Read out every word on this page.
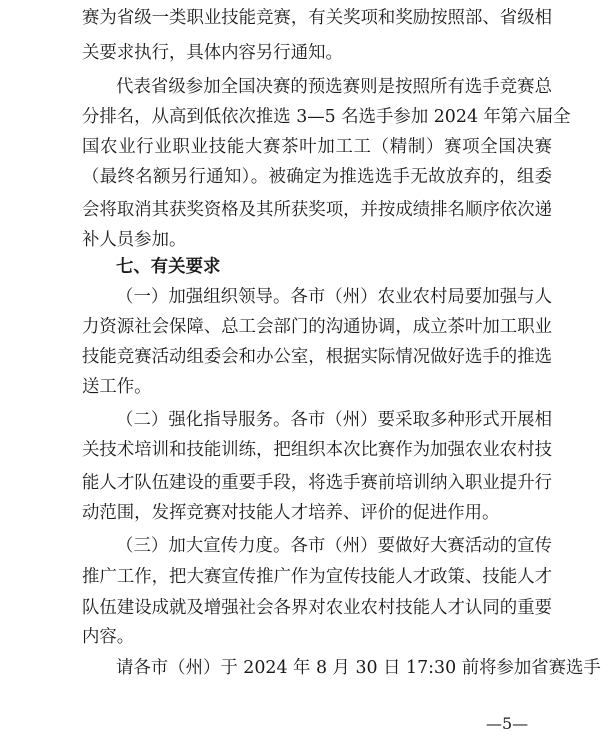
赛为省级一类职业技能竞赛，有关奖项和奖励按照部、省级相
关要求执行，具体内容另行通知。
代表省级参加全国决赛的预选赛则是按照所有选手竞赛总
分排名，从高到低依次推选 3—5 名选手参加 2024 年第六届全
国农业行业职业技能大赛茶叶加工工（精制）赛项全国决赛
（最终名额另行通知）。被确定为推选选手无故放弃的，组委
会将取消其获奖资格及其所获奖项，并按成绩排名顺序依次递
补人员参加。
七、有关要求
（一）加强组织领导。各市（州）农业农村局要加强与人
力资源社会保障、总工会部门的沟通协调，成立茶叶加工职业
技能竞赛活动组委会和办公室，根据实际情况做好选手的推选
送工作。
（二）强化指导服务。各市（州）要采取多种形式开展相
关技术培训和技能训练，把组织本次比赛作为加强农业农村技
能人才队伍建设的重要手段，将选手赛前培训纳入职业提升行
动范围，发挥竞赛对技能人才培养、评价的促进作用。
（三）加大宣传力度。各市（州）要做好大赛活动的宣传
推广工作，把大赛宣传推广作为宣传技能人才政策、技能人才
队伍建设成就及增强社会各界对农业农村技能人才认同的重要
内容。
请各市（州）于 2024 年 8 月 30 日 17:30 前将参加省赛选手
—5—
